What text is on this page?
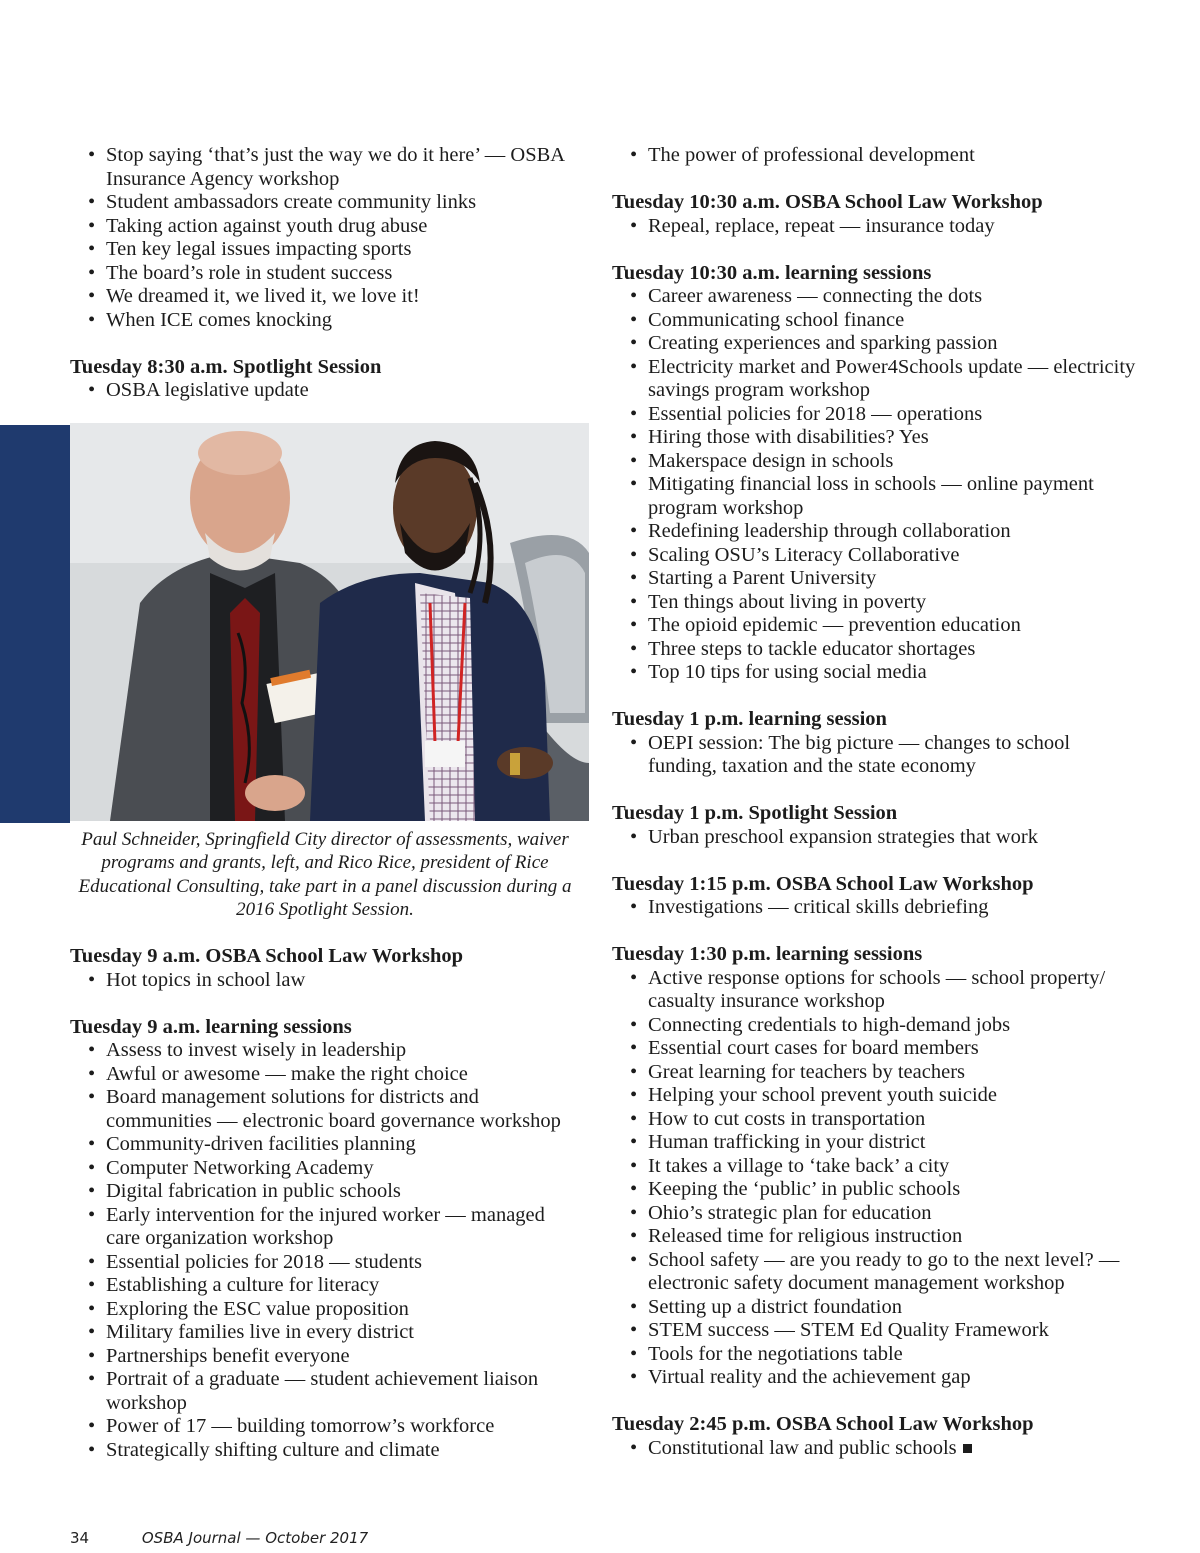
• Stop saying ‘that’s just the way we do it here’ — OSBA Insurance Agency workshop
• Student ambassadors create community links
• Taking action against youth drug abuse
• Ten key legal issues impacting sports
• The board’s role in student success
• We dreamed it, we lived it, we love it!
• When ICE comes knocking

Tuesday 8:30 a.m. Spotlight Session

• OSBA legislative update
Paul Schneider, Springfield City director of assessments, waiver programs and grants, left, and Rico Rice, president of Rice Educational Consulting, take part in a panel discussion during a 2016 Spotlight Session.

Tuesday 9 a.m. OSBA School Law Workshop

• Hot topics in school law

Tuesday 9 a.m. learning sessions

• Assess to invest wisely in leadership
• Awful or awesome — make the right choice
• Board management solutions for districts and communities — electronic board governance workshop
• Community-driven facilities planning
• Computer Networking Academy
• Digital fabrication in public schools
• Early intervention for the injured worker — managed care organization workshop
• Essential policies for 2018 — students
• Establishing a culture for literacy
• Exploring the ESC value proposition
• Military families live in every district
• Partnerships benefit everyone
• Portrait of a graduate — student achievement liaison workshop
• Power of 17 — building tomorrow’s workforce
• Strategically shifting culture and climate
• The power of professional development

Tuesday 10:30 a.m. OSBA School Law Workshop

• Repeal, replace, repeat — insurance today

Tuesday 10:30 a.m. learning sessions

• Career awareness — connecting the dots
• Communicating school finance
• Creating experiences and sparking passion
• Electricity market and Power4Schools update — electricity savings program workshop
• Essential policies for 2018 — operations
• Hiring those with disabilities? Yes
• Makerspace design in schools
• Mitigating financial loss in schools — online payment program workshop
• Redefining leadership through collaboration
• Scaling OSU’s Literacy Collaborative
• Starting a Parent University
• Ten things about living in poverty
• The opioid epidemic — prevention education
• Three steps to tackle educator shortages
• Top 10 tips for using social media

Tuesday 1 p.m. learning session

• OEPI session: The big picture — changes to school funding, taxation and the state economy

Tuesday 1 p.m. Spotlight Session

• Urban preschool expansion strategies that work

Tuesday 1:15 p.m. OSBA School Law Workshop

• Investigations — critical skills debriefing

Tuesday 1:30 p.m. learning sessions

• Active response options for schools — school property/ casualty insurance workshop
• Connecting credentials to high-demand jobs
• Essential court cases for board members
• Great learning for teachers by teachers
• Helping your school prevent youth suicide
• How to cut costs in transportation
• Human trafficking in your district
• It takes a village to ‘take back’ a city
• Keeping the ‘public’ in public schools
• Ohio’s strategic plan for education
• Released time for religious instruction
• School safety — are you ready to go to the next level? — electronic safety document management workshop
• Setting up a district foundation
• STEM success — STEM Ed Quality Framework
• Tools for the negotiations table
• Virtual reality and the achievement gap

Tuesday 2:45 p.m. OSBA School Law Workshop

• Constitutional law and public schools
34	OSBA Journal — October 2017
